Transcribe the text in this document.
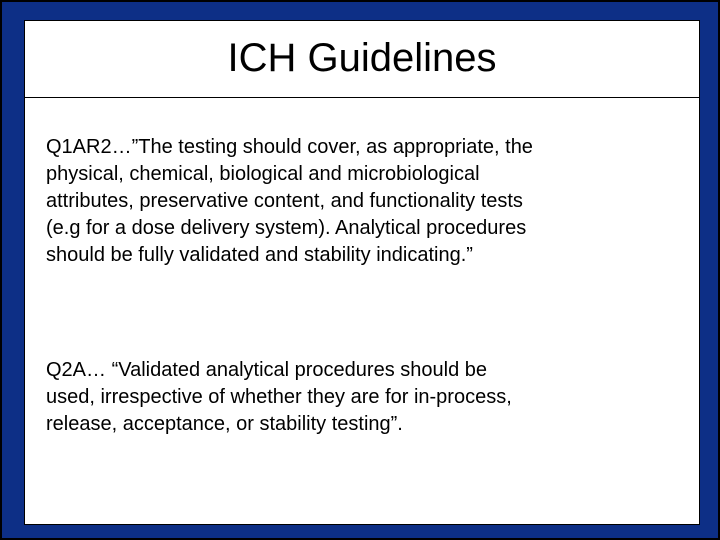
ICH Guidelines

Q1AR2…”The testing should cover, as appropriate, the
physical, chemical, biological and microbiological
attributes, preservative content, and functionality tests
(e.g for a dose delivery system). Analytical procedures
should be fully validated and stability indicating.”

Q2A… “Validated analytical procedures should be
used, irrespective of whether they are for in-process,
release, acceptance, or stability testing”.
